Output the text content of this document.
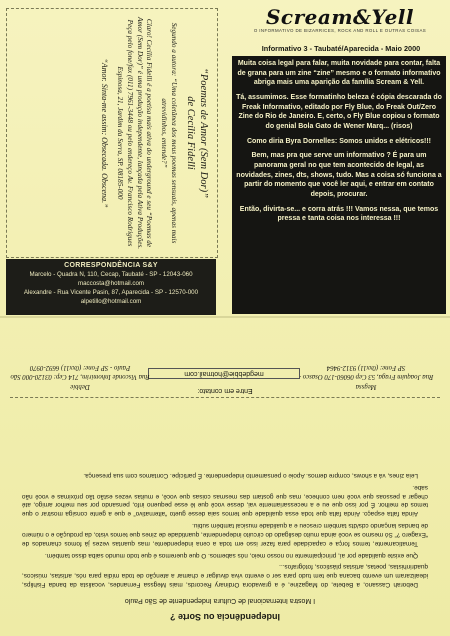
“Poemas de Amor (Sem Dor)”
de Cecília Fidelli

Segundo a autora: “Uma coletânea dos meus poemas sensuais, apenas mais atrevidinhos, entende?”

Claro! Cecília Fidelli é a poetisa mais ativa do underground e seu “Poemas de Amor (Sem Dor)” é uma produção independente, lançada pela Ativa Produções. Peça pelo fone/fax (011) 7961-3448 ou pelo endereço Av. Francisco Rodrigues Espinosa, 21, Jardim da Serra, SP. 08185-000

“Amor. Sinta-me assim: Obsecada. Obscena.”
CORRESPONDÊNCIA S&Y
Marcelo - Quadra N, 110, Cecap, Taubaté - SP - 12043-060
maccosta@hotmail.com
Alexandre - Rua Vicente Pasin, 87, Aparecida - SP - 12570-000
alpetillo@hotmail.com
Scream&Yell
O INFORMATIVO DE BIZARRICES, ROCK AND ROLL E OUTRAS COISAS
Informativo 3 - Taubaté/Aparecida - Maio 2000

Muita coisa legal para falar, muita novidade para contar, falta de grana para um zine “zine” mesmo e o formato informativo abriga mais uma aparição da família Scream & Yell.

Tá, assumimos. Esse formatinho beleza é cópia descarada do Freak Informativo, editado por Fly Blue, do Freak Out/Zero Zine do Rio de Janeiro. E, certo, o Fly Blue copiou o formato do genial Bola Gato de Wener Marq... (risos)

Como diria Byra Dornelles: Somos unidos e elétricos!!!

Bem, mas pra que serve um informativo ? É para um panorama geral no que tem acontecido de legal, as novidades, zines, dts, shows, tudo. Mas a coisa só funciona a partir do momento que você ler aqui, e entrar em contato depois, procurar.

Então, divirta-se... e corra atrás !!! Vamos nessa, que temos pressa e tanta coisa nos interessa !!!

Independência ou Sorte ?
I Mostra Internacional de Cultura Independente de São Paulo

Deborah Cassano, a Bebete, do Magazine, é a gravadora Ordinary Records, mais Megssa Fernandes, vocalista da banda Fishlips, idealizaram um evento bacana que tem tudo para ser o evento viva divulgar e chamar a atenção de toda mídia para nós, artistas, músicos, quadrinhistas, poetas, artistas plásticos, fotógrafos...

Que existe qualidade por aí, principalmente no nosso meio, nós sabemos. O que queremos é que todo mundo saiba disso também.

Tematicamente, temos força e capacidade para fazer isso em toda a cena independente, mas quantas vezes já fomos chamados de “Exagero ?” Só mesmo se você ainda muito desligado do circuito independente, quantidade de zines que temos visto, da produção e o número de bandas lançando cds/dts também cresceu e a qualidade musical também subiu.

Ainda falta espaço. Ainda falta que toda essa qualidade que temos saia desse gueto “alternativo” e que a gente consiga mostrar o que temos de melhor. É por isso que eu e a necessariamente vai, desse você que lê esse pequeno info, pensando por seu melhor amigo, até chegar a pessoas que você nem conhece, mas que gostam das mesmas coisas que você, e muitas vezes estão tão próximas e você não sabe.

Leia zines, vá a shows, compre demos. Apoie o pensamento independente. É participe. Contamos com sua presença.

Megssa
Rua Joaquim Fraga, 53 Cep 06060-170 Osasco - SP Fone: (0xx11) 9312-9464
Entre em contato:
megdebbie@hotmail.com
Debbie
Rua Visconde Inhomirim, 714 Cep: 03120-000 São Paulo - SP Fone: (0xx11) 6692-0970
